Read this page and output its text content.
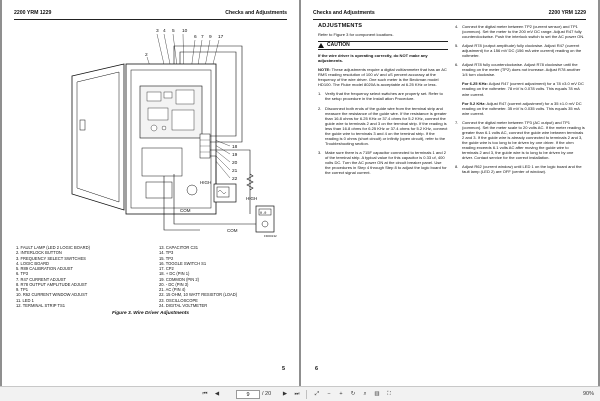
2200 YRM 1229	Checks and Adjustments
3 4 5 10
2
6 7 9 17
18
19
20
21
22
HIGH
COM
HIGH
COM
0.0
FI000132
1. FAULT LAMP (LED 2 LOGIC BOARD)
2. INTERLOCK BUTTON
3. FREQUENCY SELECT SWITCHES
4. LOGIC BOARD
5. R89 CALIBRATION ADJUST
6. TP3
7. R47 CURRENT ADJUST
8. R78 OUTPUT AMPLITUDE ADJUST
9. TP1
10. R62 CURRENT WINDOW ADJUST
11. LED 1
12. TERMINAL STRIP TS1
13. CAPACITOR C31
14. TP3
15. TP2
16. TOGGLE SWITCH S1
17. CP2
18. + DC (PIN 1)
19. COMMON (PIN 2)
20. - DC (PIN 3)
21. AC (PIN 4)
22. 15 OHM, 10 WATT RESISTOR (LOAD)
23. OSCILLOSCOPE
24. DIGITAL VOLTMETER
Figure 3. Wire Driver Adjustments
5
Checks and Adjustments	2200 YRM 1229
ADJUSTMENTS
Refer to Figure 3 for component locations.
CAUTION
If the wire driver is operating correctly, do NOT make any adjustments.
NOTE: These adjustments require a digital volt/ammeter that has an AC RMS reading resolution of 100 uV and uS percent accuracy at the frequency of the wire driver. One such meter is the Beckman model HD100. The Fluke model 8020A is acceptable at 6.25 KHz or less.
1. Verify that the frequency select switches are properly set. Refer to the setup procedure in the Install ation Procedure.
2. Disconnect both ends of the guide wire from the terminal strip and measure the resistance of the guide wire. If the resistance is greater than 16.8 ohms for 6.25 KHz or 37.4 ohms for 5.2 KHz, connect the guide wire to terminals 2 and 3 on the terminal strip. If the reading is less than 16.8 ohms for 6.25 KHz or 37.4 ohms for 5.2 KHz, connect the guide wire to terminals 3 and 4 on the terminal strip. If the reading is 0 ohms (short circuit) or infinity (open circuit), refer to the Troubleshooting section.
3. Make sure there is a 715F capacitor connected to terminals 1 and 2 of the terminal strip. A typical value for this capacitor is 0.33 uf, 400 volts DC. Turn the AC power ON at the circuit breaker panel. Use the procedures in Step 4 through Step 8 to adjust the logic board for the correct signal current.
4. Connect the digital meter between TP2 (current sensor) and TP1 (common). Set the meter to the 200 mV DC range. Adjust R47 fully counterclockwise. Push the interlock switch to set the AC power ON.
5. Adjust R78 (output amplitude) fully clockwise. Adjust R47 (current adjustment) for a 156 mV DC (156 mA wire current) reading on the voltmeter.
6. Adjust R78 fully counterclockwise. Adjust R78 clockwise until the reading on the meter (TP2) does not increase. Adjust R78 another 1/4 turn clockwise.
For 6.25 KHz: Adjust R47 (current adjustment) for a 78 ±3.0 mV DC reading on the voltmeter. 78 mV is 0.078 volts. This equals 78 mA wire current.
For 5.2 KHz: Adjust R47 (current adjustment) for a 35 ±1.0 mV DC reading on the voltmeter. 35 mV is 0.035 volts. This equals 35 mA wire current.
7. Connect the digital meter between TP3 (AC output) and TP1 (common). Set the meter scale to 20 volts AC. If the meter reading is greater than 6.1 volts AC, connect the guide wire between terminals 2 and 3. If the guide wire is already connected to terminals 2 and 3, the guide wire is too long to be driven by one driver. If the ohm reading exceeds 6.1 volts AC after moving the guide wire to terminals 2 and 3, the guide wire is to long to be driven by one driver. Contact service for the correct installation.
8. Adjust R62 (current window) until LED 1 on the logic board and the fault lamp (LED 2) are OFF (center of window).
6
⏮	◀
9	/ 20	▶	⏭	⤢	−	+	↻	⌕	▥	⛶	90%
